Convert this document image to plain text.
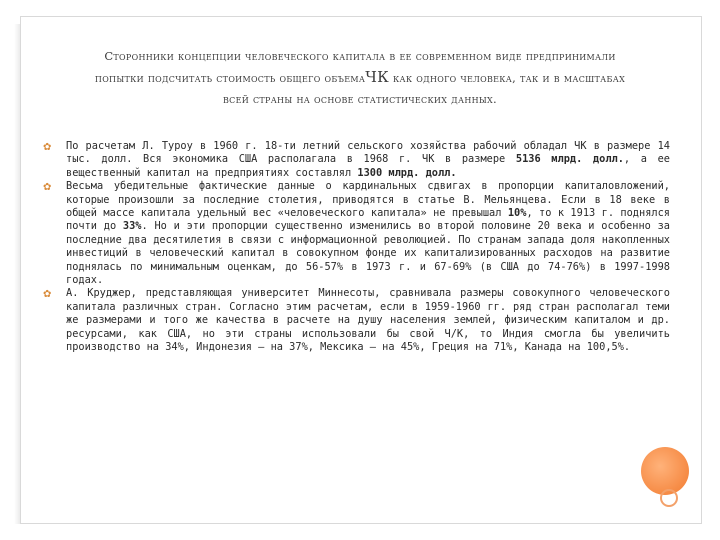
Сторонники концепции человеческого капитала в ее современном виде предпринимали попытки подсчитать стоимость общего объемаЧК как одного человека, так и в масштабах всей страны на основе статистических данных.
✿ По расчетам Л. Туроу в 1960 г. 18-ти летний сельского хозяйства рабочий обладал ЧК в размере 14 тыс. долл. Вся экономика США располагала в 1968 г. ЧК в размере 5136 млрд. долл., а ее вещественный капитал на предприятиях составлял 1300 млрд. долл.

✿ Весьма убедительные фактические данные о кардинальных сдвигах в пропорции капиталовложений, которые произошли за последние столетия, приводятся в статье В. Мельянцева. Если в 18 веке в общей массе капитала удельный вес «человеческого капитала» не превышал 10%, то к 1913 г. поднялся почти до 33%. Но и эти пропорции существенно изменились во второй половине 20 века и особенно за последние два десятилетия в связи с информационной революцией. По странам запада доля накопленных инвестиций в человеческий капитал в совокупном фонде их капитализированных расходов на развитие поднялась по минимальным оценкам, до 56-57% в 1973 г. и 67-69% (в США до 74-76%) в 1997-1998 годах.

✿ А. Круджер, представляющая университет Миннесоты, сравнивала размеры совокупного человеческого капитала различных стран. Согласно этим расчетам, если в 1959-1960 гг. ряд стран располагал теми же размерами и того же качества в расчете на душу населения землей, физическим капиталом и др. ресурсами, как США, но эти страны использовали бы свой Ч/К, то Индия смогла бы увеличить производство на 34%, Индонезия – на 37%, Мексика – на 45%, Греция на 71%, Канада на 100,5%.
